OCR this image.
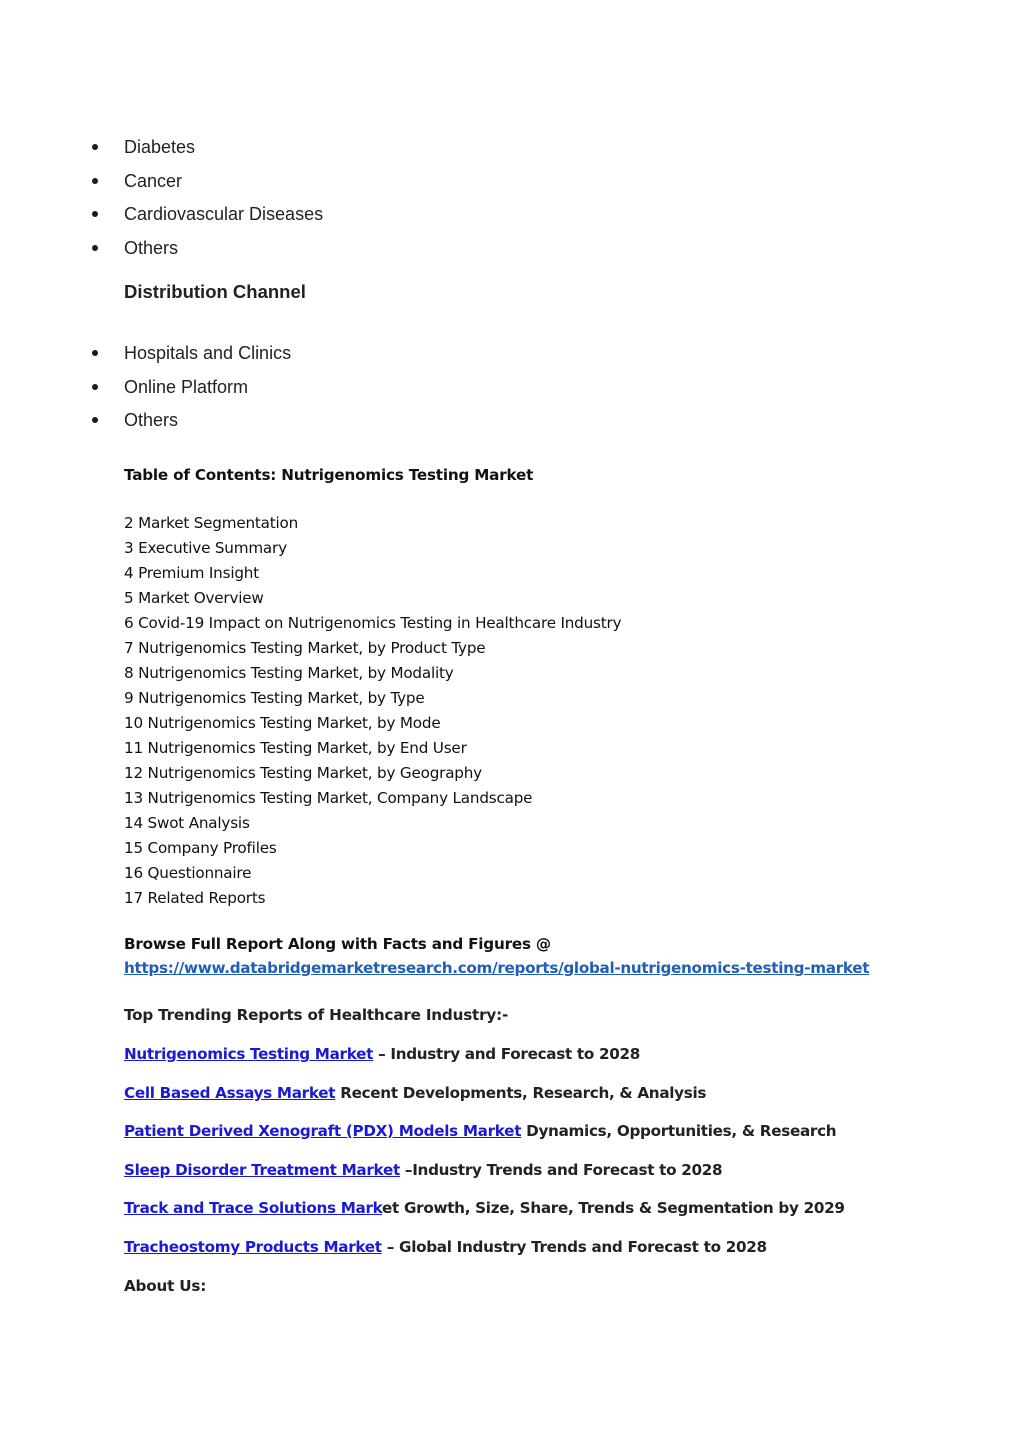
Diabetes
Cancer
Cardiovascular Diseases
Others
Distribution Channel
Hospitals and Clinics
Online Platform
Others
Table of Contents: Nutrigenomics Testing Market
2 Market Segmentation
3 Executive Summary
4 Premium Insight
5 Market Overview
6 Covid-19 Impact on Nutrigenomics Testing in Healthcare Industry
7 Nutrigenomics Testing Market, by Product Type
8 Nutrigenomics Testing Market, by Modality
9 Nutrigenomics Testing Market, by Type
10 Nutrigenomics Testing Market, by Mode
11 Nutrigenomics Testing Market, by End User
12 Nutrigenomics Testing Market, by Geography
13 Nutrigenomics Testing Market, Company Landscape
14 Swot Analysis
15 Company Profiles
16 Questionnaire
17 Related Reports

Browse Full Report Along with Facts and Figures @

https://www.databridgemarketresearch.com/reports/global-nutrigenomics-testing-market

Top Trending Reports of Healthcare Industry:-

Nutrigenomics Testing Market – Industry and Forecast to 2028

Cell Based Assays Market Recent Developments, Research, & Analysis

Patient Derived Xenograft (PDX) Models Market Dynamics, Opportunities, & Research

Sleep Disorder Treatment Market –Industry Trends and Forecast to 2028

Track and Trace Solutions Market Growth, Size, Share, Trends & Segmentation by 2029

Tracheostomy Products Market – Global Industry Trends and Forecast to 2028

About Us:
